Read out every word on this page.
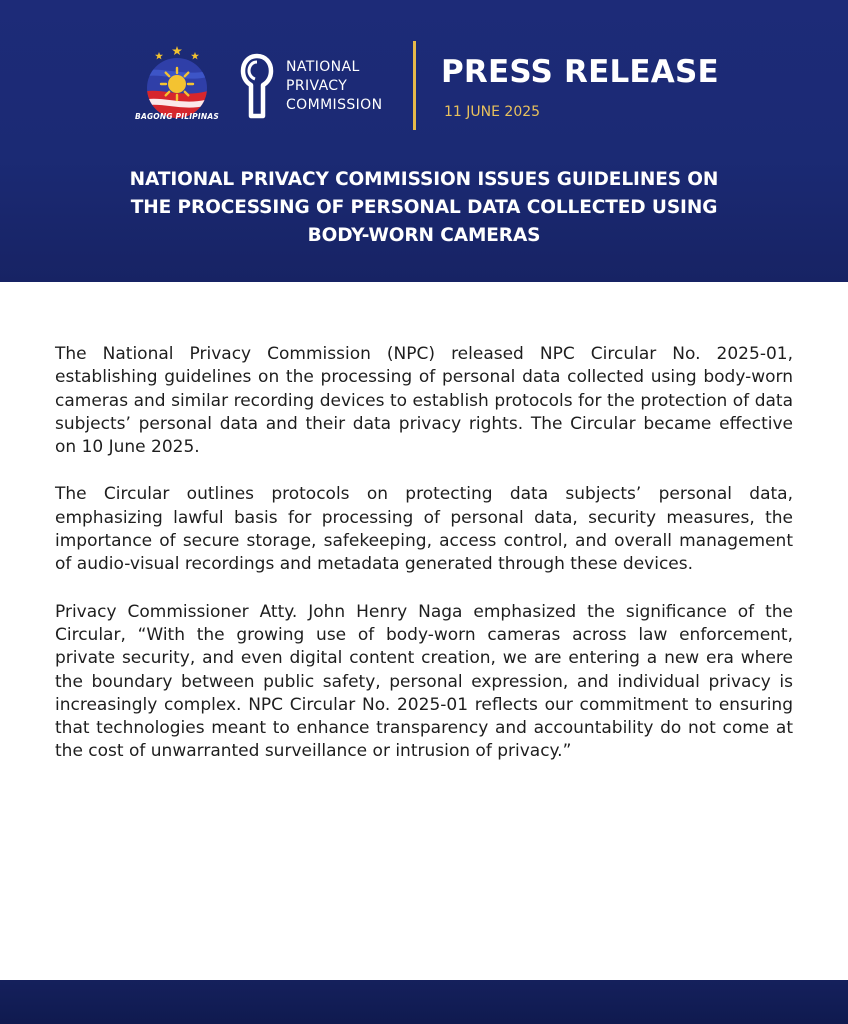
BAGONG PILIPINAS
NATIONAL
PRIVACY
COMMISSION
PRESS RELEASE
11 JUNE 2025
NATIONAL PRIVACY COMMISSION ISSUES GUIDELINES ON
THE PROCESSING OF PERSONAL DATA COLLECTED USING
BODY-WORN CAMERAS

The National Privacy Commission (NPC) released NPC Circular No. 2025-01, establishing guidelines on the processing of personal data collected using body-worn cameras and similar recording devices to establish protocols for the protection of data subjects’ personal data and their data privacy rights. The Circular became effective on 10 June 2025.

The Circular outlines protocols on protecting data subjects’ personal data, emphasizing lawful basis for processing of personal data, security measures, the importance of secure storage, safekeeping, access control, and overall management of audio-visual recordings and metadata generated through these devices.

Privacy Commissioner Atty. John Henry Naga emphasized the significance of the Circular, “With the growing use of body-worn cameras across law enforcement, private security, and even digital content creation, we are entering a new era where the boundary between public safety, personal expression, and individual privacy is increasingly complex. NPC Circular No. 2025-01 reflects our commitment to ensuring that technologies meant to enhance transparency and accountability do not come at the cost of unwarranted surveillance or intrusion of privacy.”
